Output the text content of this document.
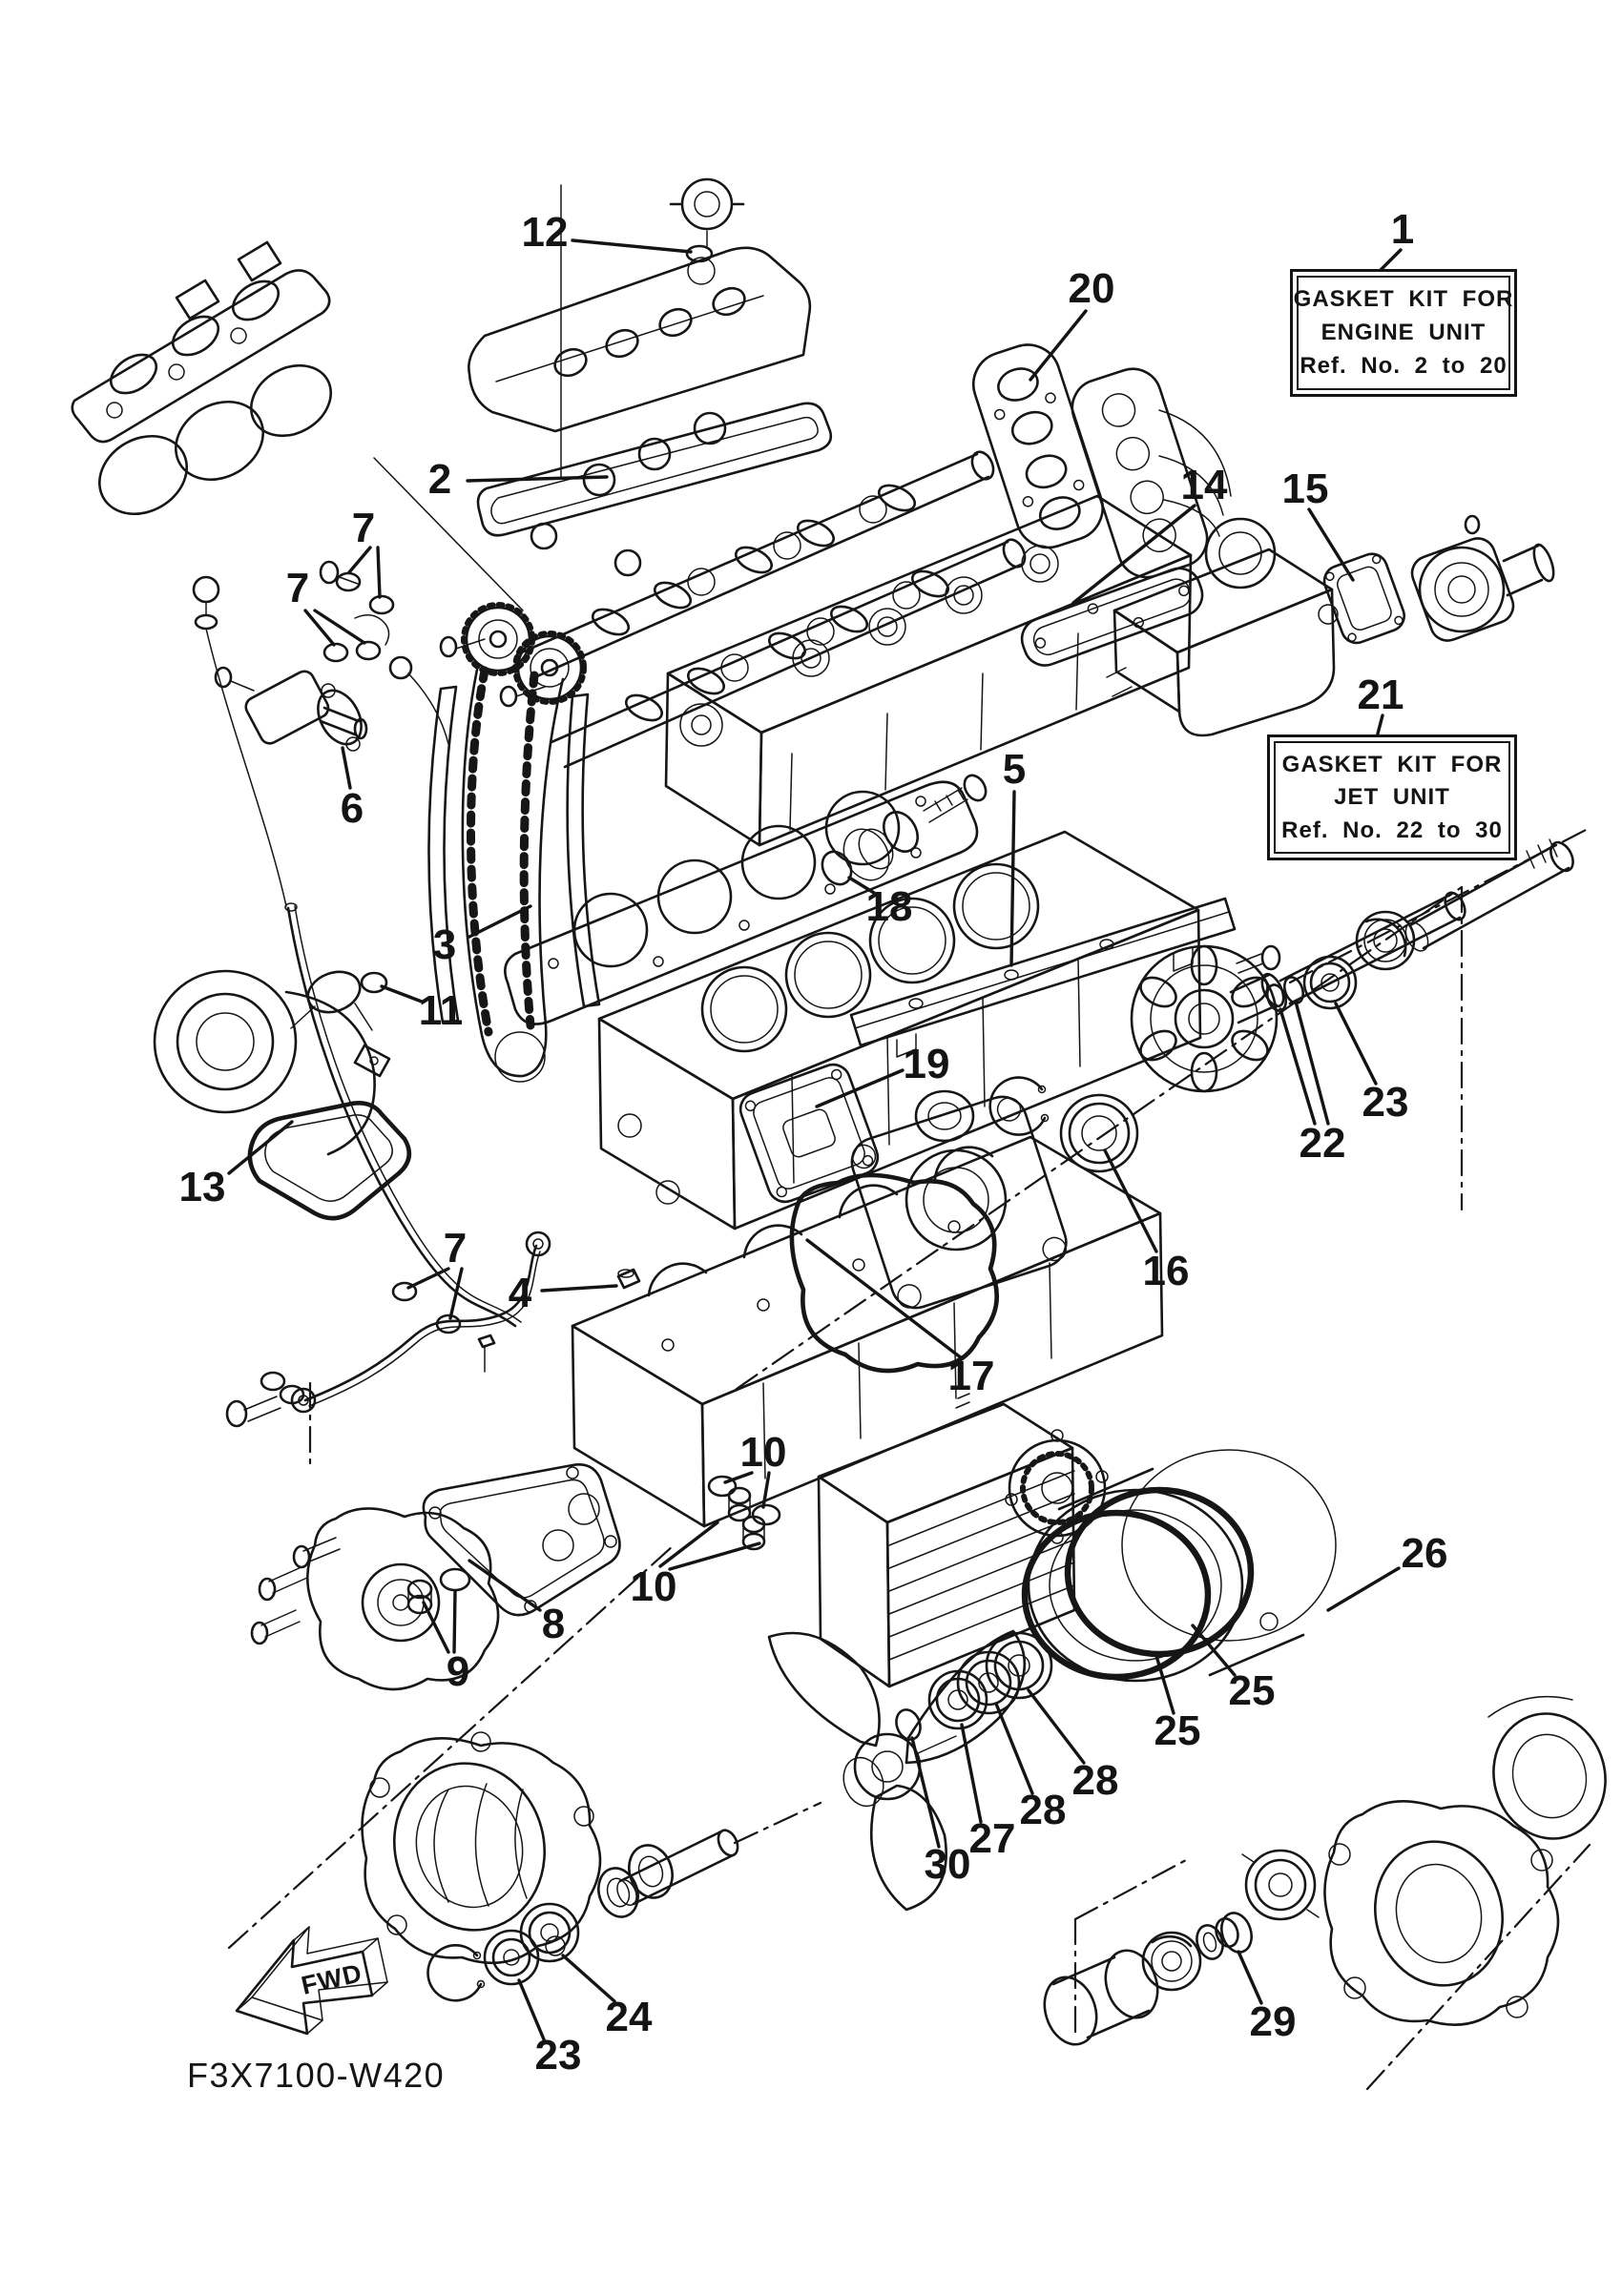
FWD
F3X7100-W420
12	1
20
2	14 15
21
7
7
6
5
18
3
11
19
23
22
13
16
7
4
17
10
10
8
9
26
25
25
28
28
27
30
24
23
29
GASKET KIT FOR
ENGINE UNIT
Ref. No. 2 to 20
GASKET KIT FOR
JET UNIT
Ref. No. 22 to 30
